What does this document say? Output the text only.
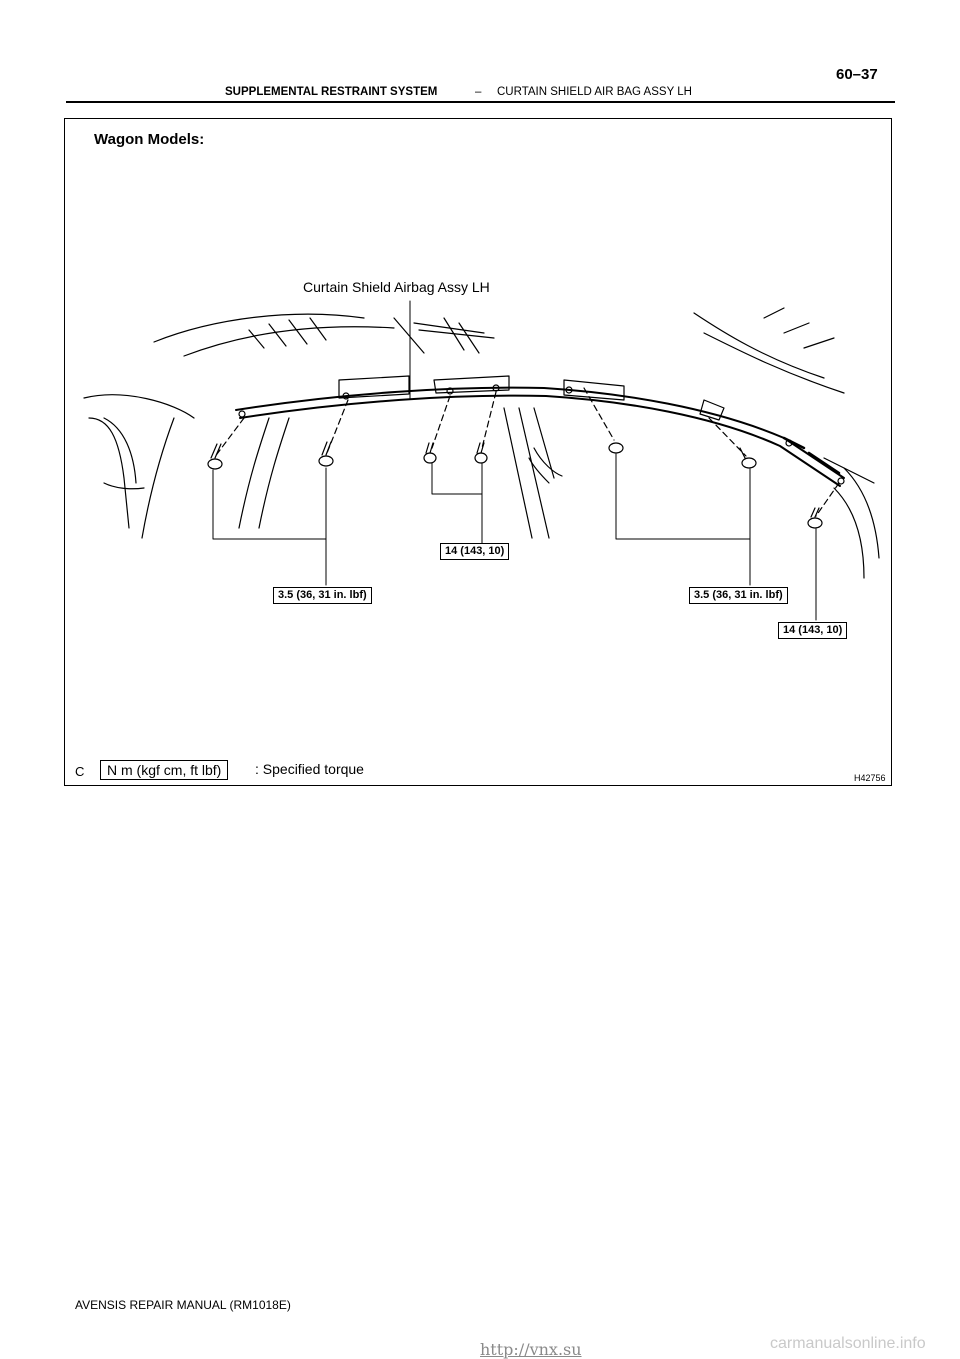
SUPPLEMENTAL RESTRAINT SYSTEM	– CURTAIN SHIELD AIR BAG ASSY LH
60–37
Wagon Models:
Curtain Shield Airbag Assy LH
14 (143, 10)
3.5 (36, 31 in. lbf)	3.5 (36, 31 in. lbf)
14 (143, 10)
C	N m (kgf cm, ft lbf)	: Specified torque
H42756
AVENSIS REPAIR MANUAL (RM1018E)
http://vnx.su	carmanualsonline.info
